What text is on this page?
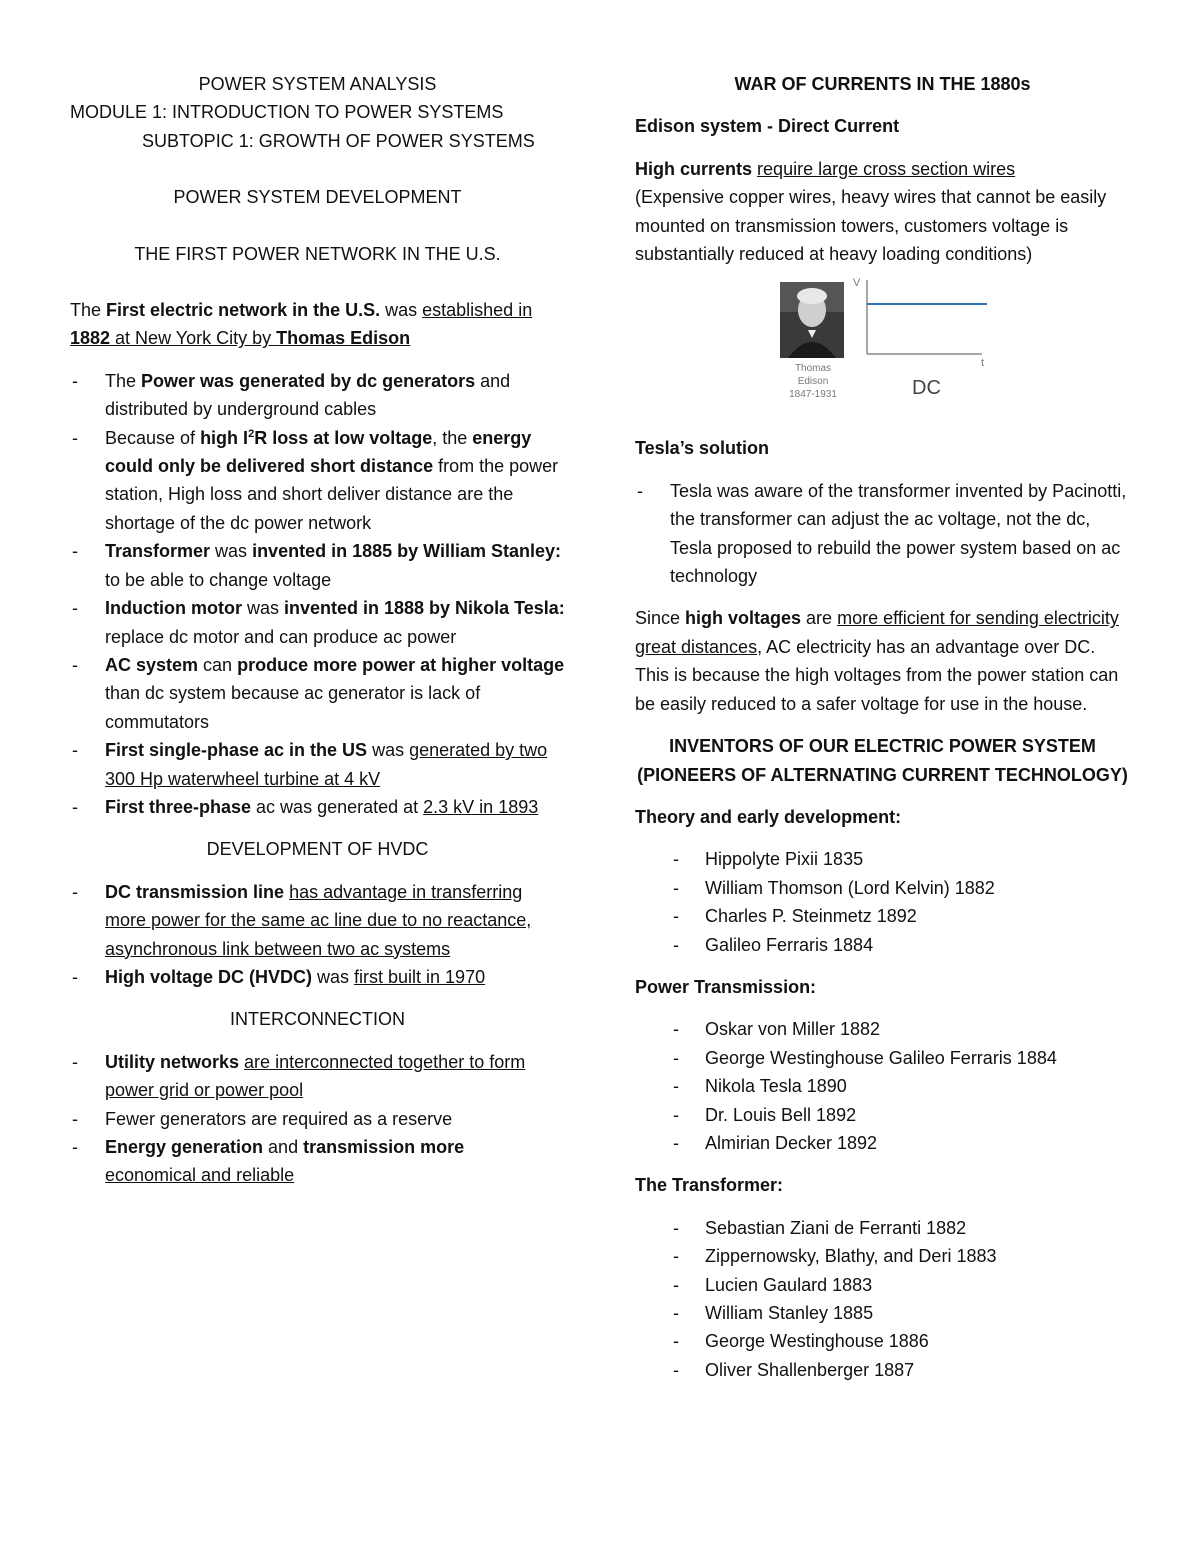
POWER SYSTEM ANALYSIS
MODULE 1: INTRODUCTION TO POWER SYSTEMS
SUBTOPIC 1: GROWTH OF POWER SYSTEMS
POWER SYSTEM DEVELOPMENT
THE FIRST POWER NETWORK IN THE U.S.
The First electric network in the U.S. was established in
1882 at New York City by Thomas Edison
- The Power was generated by dc generators and distributed by underground cables
- Because of high $I^2R$ loss at low voltage, the energy could only be delivered short distance from the power station, High loss and short deliver distance are the shortage of the dc power network
- Transformer was invented in 1885 by William Stanley: to be able to change voltage
- Induction motor was invented in 1888 by Nikola Tesla: replace dc motor and can produce ac power
- AC system can produce more power at higher voltage than dc system because ac generator is lack of commutators
- First single-phase ac in the US was generated by two 300 Hp waterwheel turbine at 4 kV
- First three-phase ac was generated at 2.3 kV in 1893
DEVELOPMENT OF HVDC
- DC transmission line has advantage in transferring more power for the same ac line due to no reactance, asynchronous link between two ac systems
- High voltage DC (HVDC) was first built in 1970
INTERCONNECTION
- Utility networks are interconnected together to form power grid or power pool
- Fewer generators are required as a reserve
- Energy generation and transmission more
economical and reliable
WAR OF CURRENTS IN THE 1880s
Edison system - Direct Current
High currents require large cross section wires
(Expensive copper wires, heavy wires that cannot be easily mounted on transmission towers, customers voltage is substantially reduced at heavy loading conditions)
Thomas
Edison
1847-1931
V
t
DC
Tesla’s solution
- Tesla was aware of the transformer invented by Pacinotti, the transformer can adjust the ac voltage, not the dc, Tesla proposed to rebuild the power system based on ac technology
Since high voltages are more efficient for sending electricity great distances, AC electricity has an advantage over DC. This is because the high voltages from the power station can be easily reduced to a safer voltage for use in the house.
INVENTORS OF OUR ELECTRIC POWER SYSTEM
(PIONEERS OF ALTERNATING CURRENT TECHNOLOGY)
Theory and early development:
- Hippolyte Pixii 1835
- William Thomson (Lord Kelvin) 1882
- Charles P. Steinmetz 1892
- Galileo Ferraris 1884
Power Transmission:
- Oskar von Miller 1882
- George Westinghouse Galileo Ferraris 1884
- Nikola Tesla 1890
- Dr. Louis Bell 1892
- Almirian Decker 1892
The Transformer:
- Sebastian Ziani de Ferranti 1882
- Zippernowsky, Blathy, and Deri 1883
- Lucien Gaulard 1883
- William Stanley 1885
- George Westinghouse 1886
- Oliver Shallenberger 1887
